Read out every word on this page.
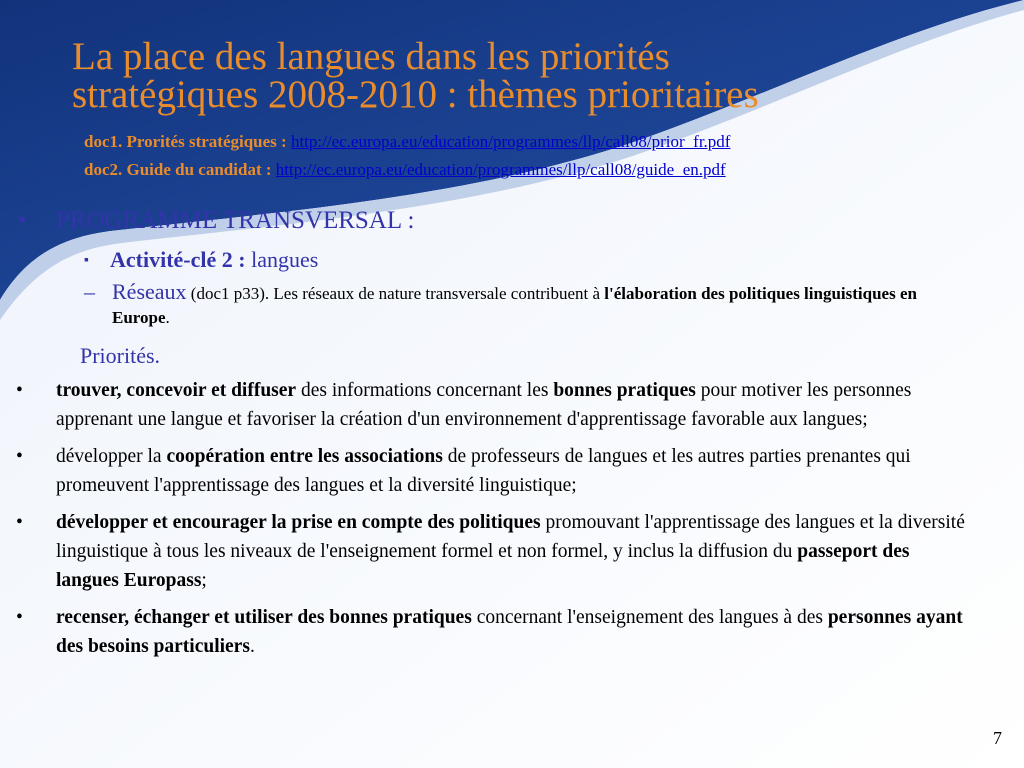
La place des langues dans les priorités
stratégiques 2008-2010 : thèmes prioritaires
doc1. Prorités stratégiques : http://ec.europa.eu/education/programmes/llp/call08/prior_fr.pdf
doc2. Guide du candidat : http://ec.europa.eu/education/programmes/llp/call08/guide_en.pdf
• PROGRAMME TRANSVERSAL :
▪ Activité-clé 2 : langues
– Réseaux (doc1 p33). Les réseaux de nature transversale contribuent à l'élaboration des politiques linguistiques en Europe.
Priorités.
• trouver, concevoir et diffuser des informations concernant les bonnes pratiques pour motiver les personnes apprenant une langue et favoriser la création d'un environnement d'apprentissage favorable aux langues;
• développer la coopération entre les associations de professeurs de langues et les autres parties prenantes qui promeuvent l'apprentissage des langues et la diversité linguistique;
• développer et encourager la prise en compte des politiques promouvant l'apprentissage des langues et la diversité linguistique à tous les niveaux de l'enseignement formel et non formel, y inclus la diffusion du passeport des langues Europass;
• recenser, échanger et utiliser des bonnes pratiques concernant l'enseignement des langues à des personnes ayant des besoins particuliers.
7
